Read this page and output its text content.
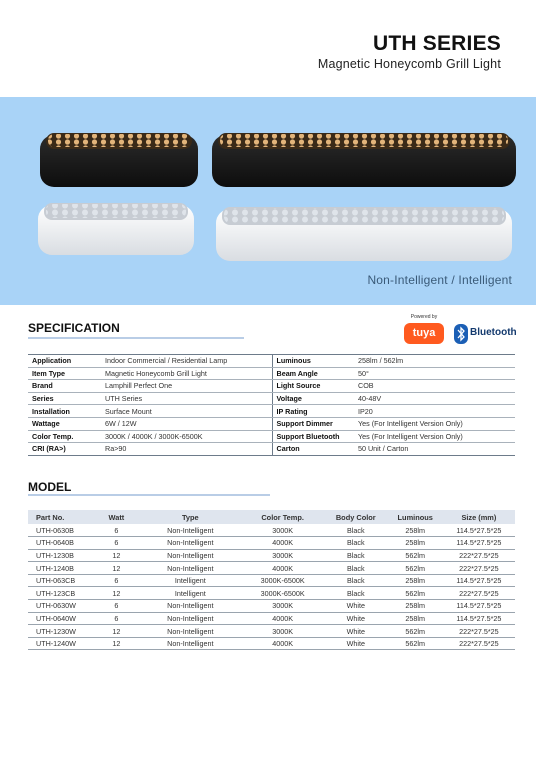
UTH SERIES
Magnetic Honeycomb Grill Light
Non-Intelligent / Intelligent
SPECIFICATION
Powered by
tuya	Bluetooth
Application	Indoor Commercial / Residential Lamp	Luminous	258lm / 562lm
Item Type	Magnetic Honeycomb Grill Light	Beam Angle	50°
Brand	Lamphill Perfect One	Light Source	COB
Series	UTH Series	Voltage	40-48V
Installation	Surface Mount	IP Rating	IP20
Wattage	6W / 12W	Support Dimmer	Yes (For Intelligent Version Only)
Color Temp.	3000K / 4000K / 3000K-6500K	Support Bluetooth	Yes (For Intelligent Version Only)
CRI (RA>)	Ra>90	Carton	50 Unit / Carton
MODEL
Part No.	Watt	Type	Color Temp.	Body Color	Luminous	Size (mm)
UTH-0630B	6	Non-Intelligent	3000K	Black	258lm	114.5*27.5*25
UTH-0640B	6	Non-Intelligent	4000K	Black	258lm	114.5*27.5*25
UTH-1230B	12	Non-Intelligent	3000K	Black	562lm	222*27.5*25
UTH-1240B	12	Non-Intelligent	4000K	Black	562lm	222*27.5*25
UTH-063CB	6	Intelligent	3000K-6500K	Black	258lm	114.5*27.5*25
UTH-123CB	12	Intelligent	3000K-6500K	Black	562lm	222*27.5*25
UTH-0630W	6	Non-Intelligent	3000K	White	258lm	114.5*27.5*25
UTH-0640W	6	Non-Intelligent	4000K	White	258lm	114.5*27.5*25
UTH-1230W	12	Non-Intelligent	3000K	White	562lm	222*27.5*25
UTH-1240W	12	Non-Intelligent	4000K	White	562lm	222*27.5*25
